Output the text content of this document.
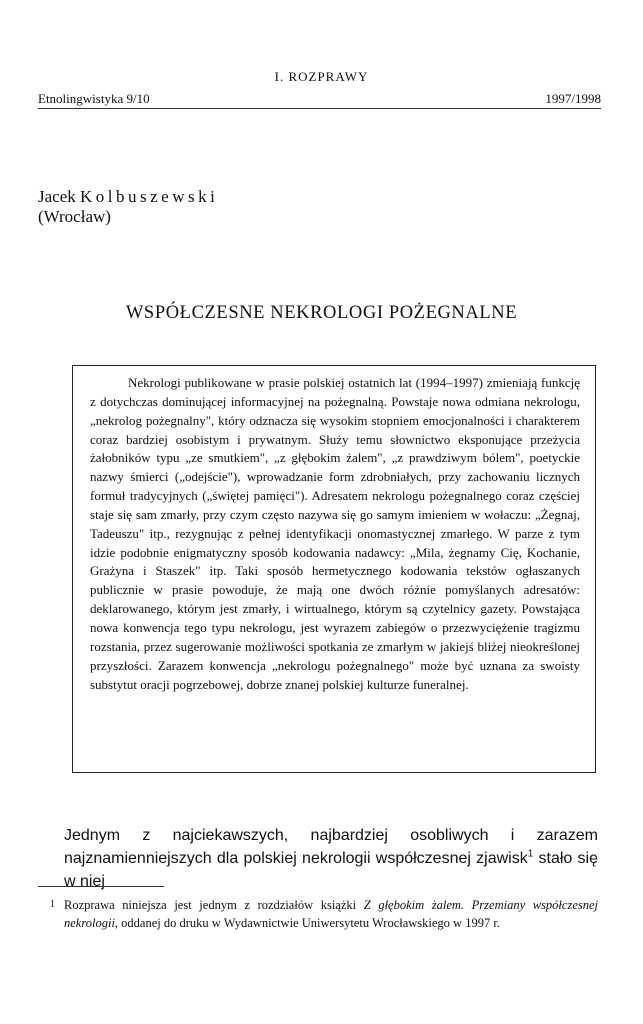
I. ROZPRAWY
Etnolingwistyka 9/10	1997/1998
Jacek Kolbuszewski
(Wrocław)
WSPÓŁCZESNE NEKROLOGI POŻEGNALNE
Nekrologi publikowane w prasie polskiej ostatnich lat (1994–1997) zmieniają funkcję z dotychczas dominującej informacyjnej na pożegnalną. Powstaje nowa odmiana nekrologu, „nekrolog pożegnalny", który odznacza się wysokim stopniem emocjonalności i charakterem coraz bardziej osobistym i prywatnym. Służy temu słownictwo eksponujące przeżycia żałobników typu „ze smutkiem", „z głębokim żalem", „z prawdziwym bólem", poetyckie nazwy śmierci („odejście"), wprowadzanie form zdrobniałych, przy zachowaniu licznych formuł tradycyjnych („świętej pamięci"). Adresatem nekrologu pożegnalnego coraz częściej staje się sam zmarły, przy czym często nazywa się go samym imieniem w wołaczu: „Żegnaj, Tadeuszu" itp., rezygnując z pełnej identyfikacji onomastycznej zmarłego. W parze z tym idzie podobnie enigmatyczny sposób kodowania nadawcy: „Mila, żegnamy Cię, Kochanie, Grażyna i Staszek" itp. Taki sposób hermetycznego kodowania tekstów ogłaszanych publicznie w prasie powoduje, że mają one dwóch różnie pomyślanych adresatów: deklarowanego, którym jest zmarły, i wirtualnego, którym są czytelnicy gazety. Powstająca nowa konwencja tego typu nekrologu, jest wyrazem zabiegów o przezwyciężenie tragizmu rozstania, przez sugerowanie możliwości spotkania ze zmarłym w jakiejś bliżej nieokreślonej przyszłości. Zarazem konwencja „nekrologu pożegnalnego" może być uznana za swoisty substytut oracji pogrzebowej, dobrze znanej polskiej kulturze funeralnej.
Jednym z najciekawszych, najbardziej osobliwych i zarazem najznamienniejszych dla polskiej nekrologii współczesnej zjawisk$^1$ stało się w niej
1 Rozprawa niniejsza jest jednym z rozdziałów książki Z głębokim żalem. Przemiany współczesnej nekrologii, oddanej do druku w Wydawnictwie Uniwersytetu Wrocławskiego w 1997 r.
